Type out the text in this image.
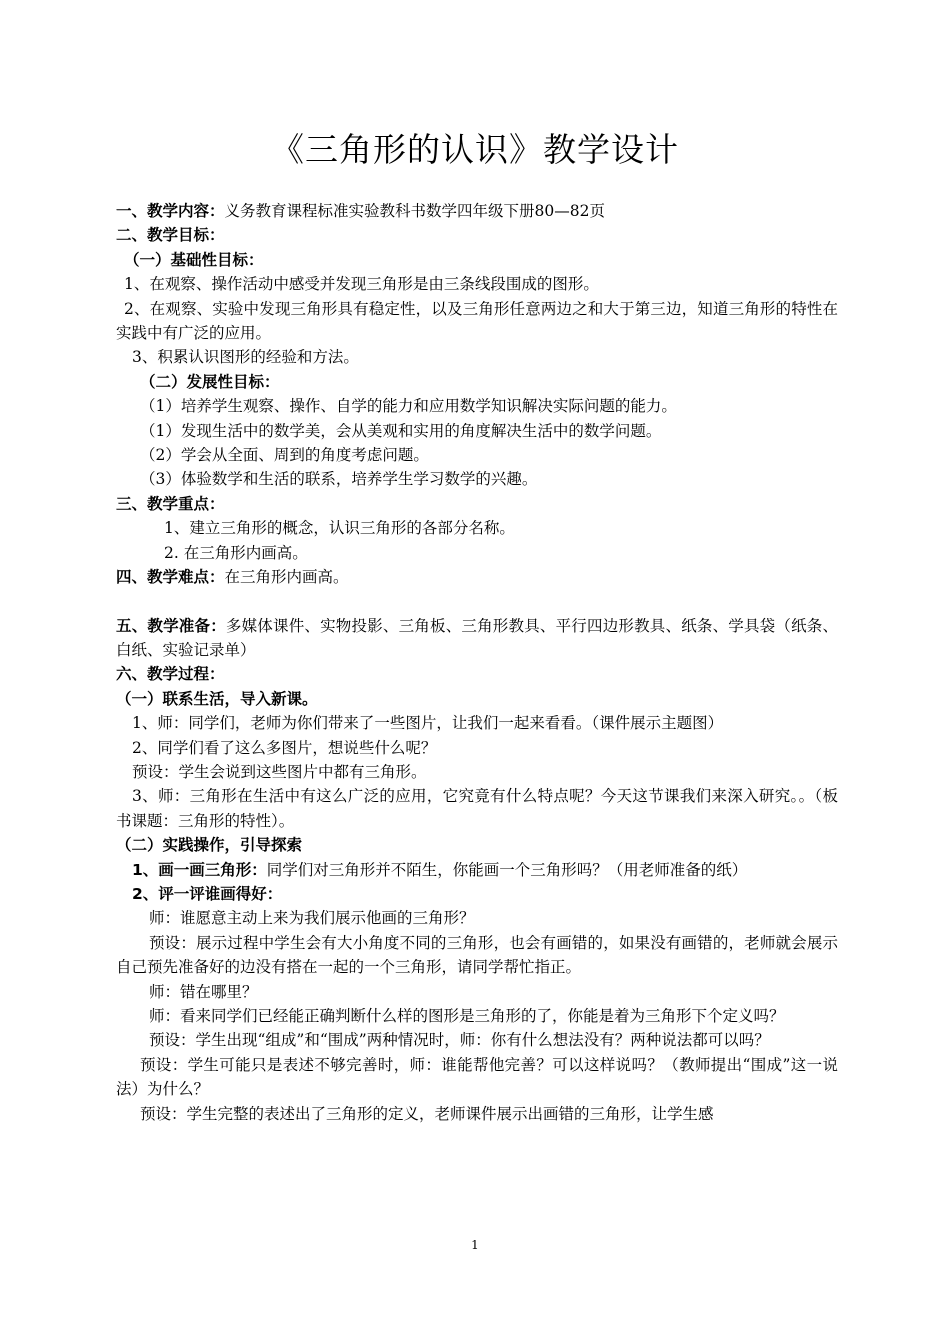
《三角形的认识》教学设计
一、教学内容：义务教育课程标准实验教科书数学四年级下册80—82页
二、教学目标：
（一）基础性目标：
1、在观察、操作活动中感受并发现三角形是由三条线段围成的图形。
2、在观察、实验中发现三角形具有稳定性，以及三角形任意两边之和大于第三边，知道三角形的特性在实践中有广泛的应用。
3、积累认识图形的经验和方法。
（二）发展性目标：
（1）培养学生观察、操作、自学的能力和应用数学知识解决实际问题的能力。
（1）发现生活中的数学美，会从美观和实用的角度解决生活中的数学问题。
（2）学会从全面、周到的角度考虑问题。
（3）体验数学和生活的联系，培养学生学习数学的兴趣。
三、教学重点：
1、建立三角形的概念，认识三角形的各部分名称。
2. 在三角形内画高。
四、教学难点：在三角形内画高。
五、教学准备：多媒体课件、实物投影、三角板、三角形教具、平行四边形教具、纸条、学具袋（纸条、白纸、实验记录单）
六、教学过程：
（一）联系生活，导入新课。
1、师：同学们，老师为你们带来了一些图片，让我们一起来看看。（课件展示主题图）
2、同学们看了这么多图片，想说些什么呢？
预设：学生会说到这些图片中都有三角形。
3、师：三角形在生活中有这么广泛的应用，它究竟有什么特点呢？今天这节课我们来深入研究。。（板书课题：三角形的特性）。
（二）实践操作，引导探索
1、画一画三角形：同学们对三角形并不陌生，你能画一个三角形吗？（用老师准备的纸）
2、评一评谁画得好：
师：谁愿意主动上来为我们展示他画的三角形？
预设：展示过程中学生会有大小角度不同的三角形，也会有画错的，如果没有画错的，老师就会展示自己预先准备好的边没有搭在一起的一个三角形，请同学帮忙指正。
师：错在哪里？
师：看来同学们已经能正确判断什么样的图形是三角形的了，你能是着为三角形下个定义吗？
预设：学生出现“组成”和“围成”两种情况时，师：你有什么想法没有？两种说法都可以吗？
预设：学生可能只是表述不够完善时，师：谁能帮他完善？可以这样说吗？（教师提出“围成”这一说法）为什么？
预设：学生完整的表述出了三角形的定义，老师课件展示出画错的三角形，让学生感
1
